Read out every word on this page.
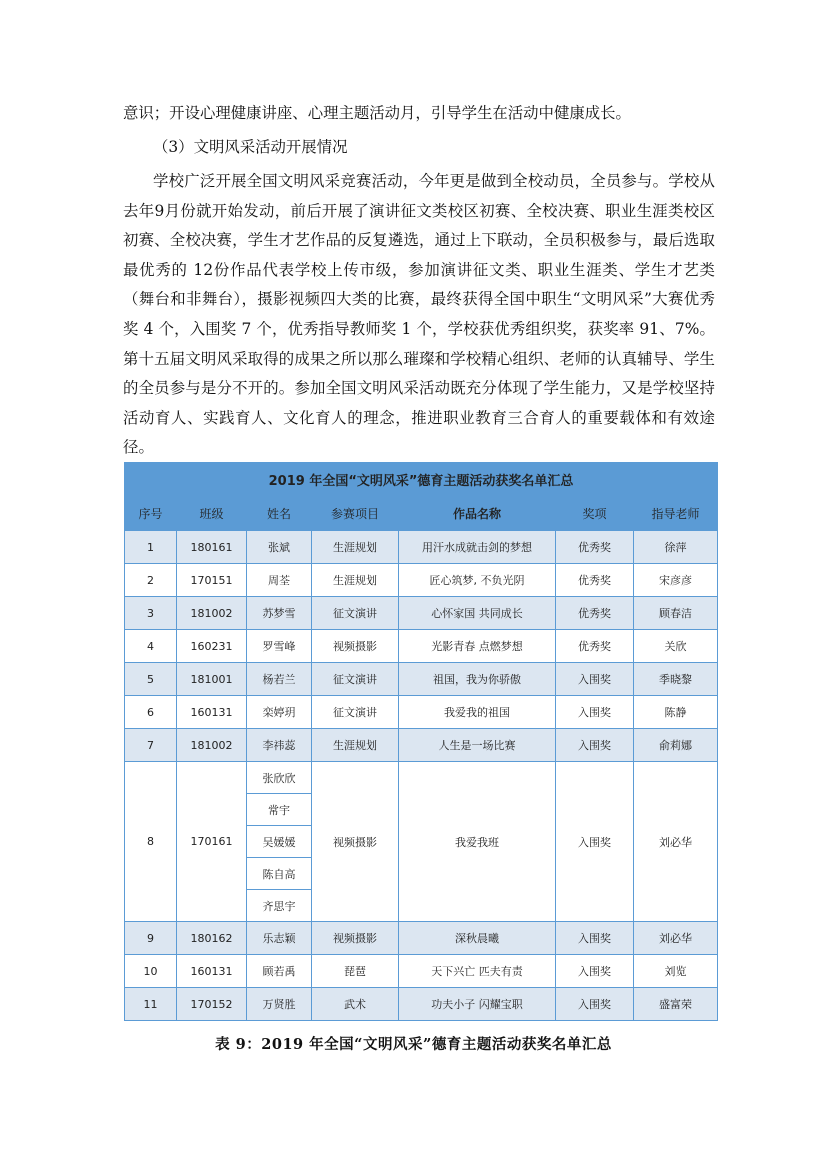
意识；开设心理健康讲座、心理主题活动月，引导学生在活动中健康成长。

（3）文明风采活动开展情况

学校广泛开展全国文明风采竞赛活动，今年更是做到全校动员，全员参与。学校从去年9月份就开始发动，前后开展了演讲征文类校区初赛、全校决赛、职业生涯类校区初赛、全校决赛，学生才艺作品的反复遴选，通过上下联动，全员积极参与，最后选取最优秀的 12份作品代表学校上传市级，参加演讲征文类、职业生涯类、学生才艺类（舞台和非舞台），摄影视频四大类的比赛，最终获得全国中职生“文明风采”大赛优秀奖 4 个，入围奖 7 个，优秀指导教师奖 1 个，学校获优秀组织奖，获奖率 91、7%。第十五届文明风采取得的成果之所以那么璀璨和学校精心组织、老师的认真辅导、学生的全员参与是分不开的。参加全国文明风采活动既充分体现了学生能力，又是学校坚持活动育人、实践育人、文化育人的理念，推进职业教育三合育人的重要载体和有效途径。

2019 年全国“文明风采”德育主题活动获奖名单汇总						
序号	班级	姓名	参赛项目	作品名称	奖项	指导老师
1	180161	张斌	生涯规划	用汗水成就击剑的梦想	优秀奖	徐萍
2	170151	周荃	生涯规划	匠心筑梦, 不负光阴	优秀奖	宋彦彦
3	181002	苏梦雪	征文演讲	心怀家国 共同成长	优秀奖	顾春洁
4	160231	罗雪峰	视频摄影	光影青春 点燃梦想	优秀奖	关欣
5	181001	杨若兰	征文演讲	祖国，我为你骄傲	入围奖	季晓黎
6	160131	栾婷玥	征文演讲	我爱我的祖国	入围奖	陈静
7	181002	李祎蕊	生涯规划	人生是一场比赛	入围奖	俞莉娜
8	170161	张欣欣	视频摄影	我爱我班	入围奖	刘必华
		常宇				
		吴媛媛				
		陈自高				
		齐思宇				
9	180162	乐志颖	视频摄影	深秋晨曦	入围奖	刘必华
10	160131	顾若禹	琵琶	天下兴亡 匹夫有责	入围奖	刘览
11	170152	万贤胜	武术	功夫小子 闪耀宝职	入围奖	盛富荣
表 9：2019 年全国“文明风采”德育主题活动获奖名单汇总
